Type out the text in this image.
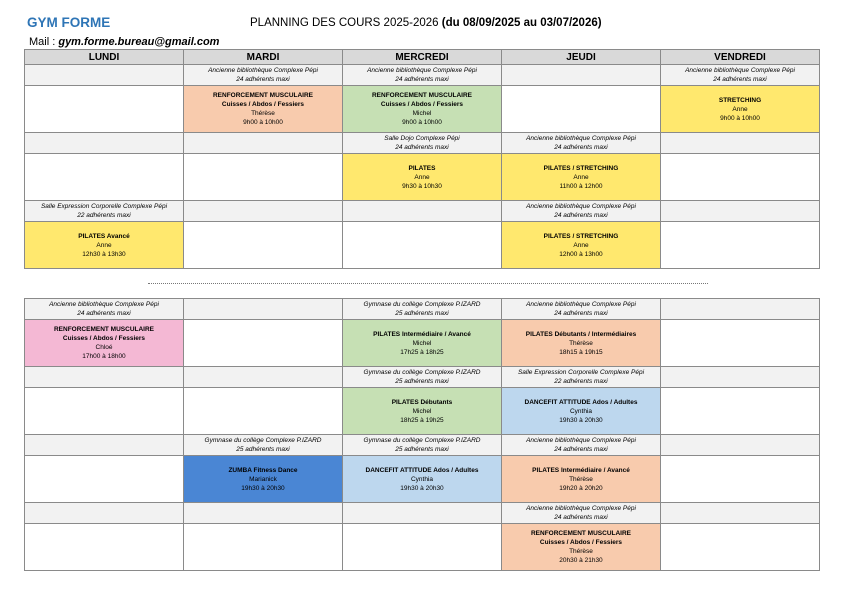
GYM FORME	PLANNING DES COURS 2025-2026 (du 08/09/2025 au 03/07/2026)
Mail : gym.forme.bureau@gmail.com
LUNDI	MARDI	MERCREDI	JEUDI	VENDREDI

	Ancienne bibliothèque Complexe Pépi
24 adhérents maxi	Ancienne bibliothèque Complexe Pépi
24 adhérents maxi		Ancienne bibliothèque Complexe Pépi
24 adhérents maxi

	RENFORCEMENT MUSCULAIRE
Cuisses / Abdos / Fessiers
Thérèse
9h00 à 10h00	RENFORCEMENT MUSCULAIRE
Cuisses / Abdos / Fessiers
Michel
9h00 à 10h00		STRETCHING
Anne
9h00 à 10h00

		Salle Dojo Complexe Pépi
24 adhérents maxi	Ancienne bibliothèque Complexe Pépi
24 adhérents maxi	

		PILATES
Anne
9h30 à 10h30	PILATES / STRETCHING
Anne
11h00 à 12h00	

Salle Expression Corporelle Complexe Pépi
22 adhérents maxi			Ancienne bibliothèque Complexe Pépi
24 adhérents maxi	

PILATES Avancé
Anne
12h30 à 13h30			PILATES / STRETCHING
Anne
12h00 à 13h00	

Ancienne bibliothèque Complexe Pépi
24 adhérents maxi		Gymnase du collège Complexe P.IZARD
25 adhérents maxi	Ancienne bibliothèque Complexe Pépi
24 adhérents maxi	

RENFORCEMENT MUSCULAIRE
Cuisses / Abdos / Fessiers
Chloé
17h00 à 18h00		PILATES Intermédiaire / Avancé
Michel
17h25 à 18h25	PILATES Débutants / Intermédiaires
Thérèse
18h15 à 19h15	

		Gymnase du collège Complexe P.IZARD
25 adhérents maxi	Salle Expression Corporelle Complexe Pépi
22 adhérents maxi	

		PILATES Débutants
Michel
18h25 à 19h25	DANCEFIT ATTITUDE Ados / Adultes
Cynthia
19h30 à 20h30	

	Gymnase du collège Complexe P.IZARD
25 adhérents maxi	Gymnase du collège Complexe P.IZARD
25 adhérents maxi	Ancienne bibliothèque Complexe Pépi
24 adhérents maxi	

	ZUMBA Fitness Dance
Marianick
19h30 à 20h30	DANCEFIT ATTITUDE Ados / Adultes
Cynthia
19h30 à 20h30	PILATES Intermédiaire / Avancé
Thérèse
19h20 à 20h20	

			Ancienne bibliothèque Complexe Pépi
24 adhérents maxi	

			RENFORCEMENT MUSCULAIRE
Cuisses / Abdos / Fessiers
Thérèse
20h30 à 21h30	
